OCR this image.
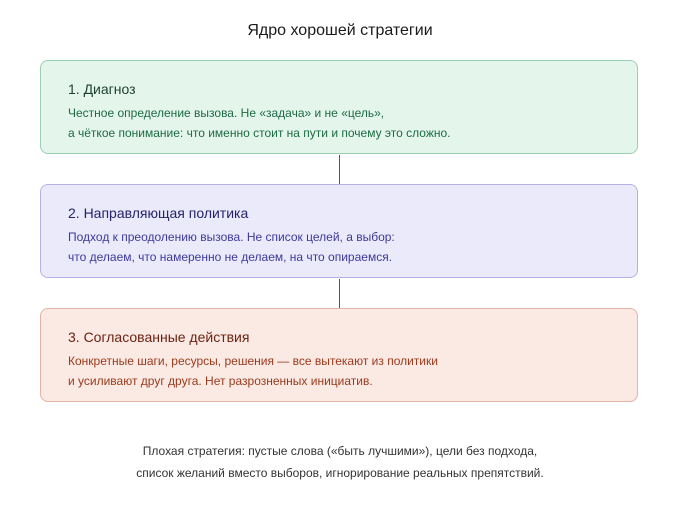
Ядро хорошей стратегии
1. Диагноз
Честное определение вызова. Не «задача» и не «цель»,
а чёткое понимание: что именно стоит на пути и почему это сложно.
2. Направляющая политика
Подход к преодолению вызова. Не список целей, а выбор:
что делаем, что намеренно не делаем, на что опираемся.
3. Согласованные действия
Конкретные шаги, ресурсы, решения — все вытекают из политики
и усиливают друг друга. Нет разрозненных инициатив.
Плохая стратегия: пустые слова («быть лучшими»), цели без подхода,
список желаний вместо выборов, игнорирование реальных препятствий.
